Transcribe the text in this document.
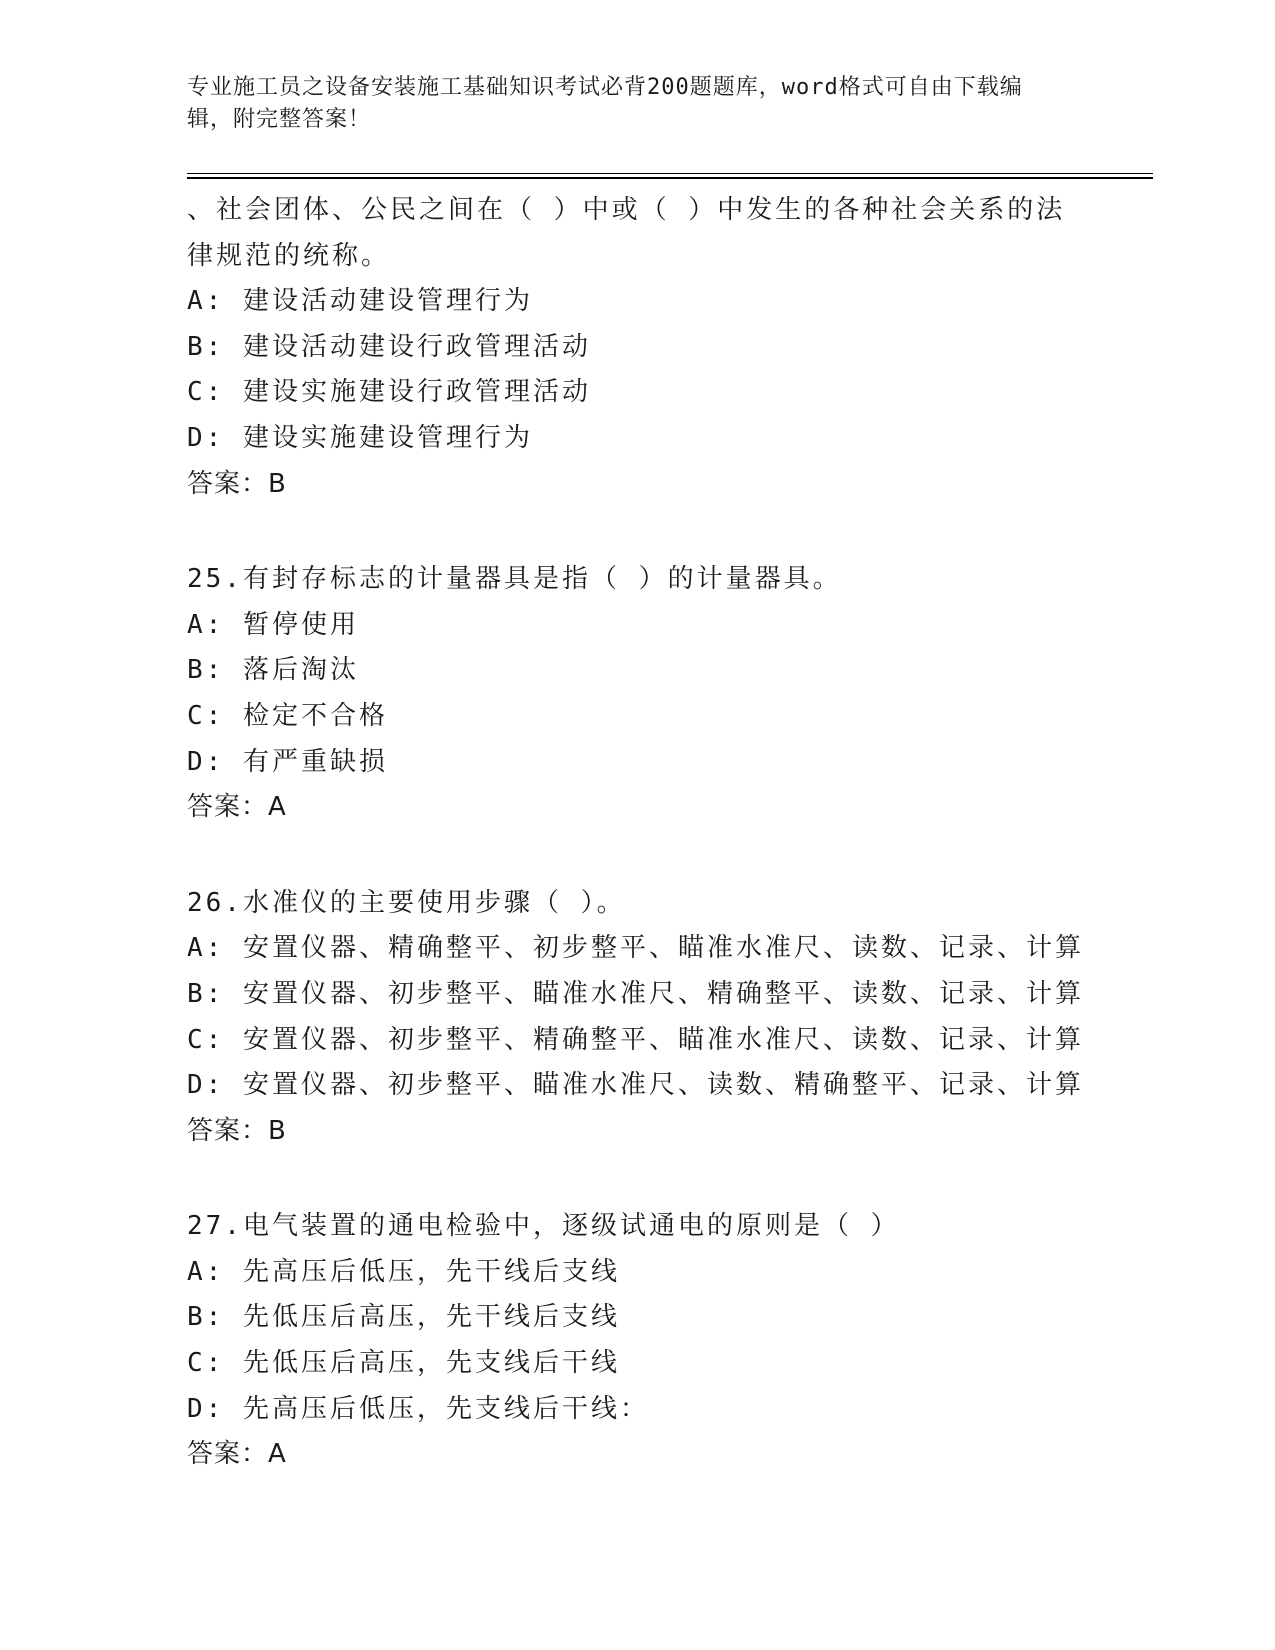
专业施工员之设备安装施工基础知识考试必背200题题库，word格式可自由下载编辑，附完整答案！
、社会团体、公民之间在（ ）中或（ ）中发生的各种社会关系的法
律规范的统称。
A: 建设活动建设管理行为
B: 建设活动建设行政管理活动
C: 建设实施建设行政管理活动
D: 建设实施建设管理行为
答案：B
25.有封存标志的计量器具是指（ ）的计量器具。
A: 暂停使用
B: 落后淘汰
C: 检定不合格
D: 有严重缺损
答案：A
26.水准仪的主要使用步骤（ ）。
A: 安置仪器、精确整平、初步整平、瞄准水准尺、读数、记录、计算
B: 安置仪器、初步整平、瞄准水准尺、精确整平、读数、记录、计算
C: 安置仪器、初步整平、精确整平、瞄准水准尺、读数、记录、计算
D: 安置仪器、初步整平、瞄准水准尺、读数、精确整平、记录、计算
答案：B
27.电气装置的通电检验中，逐级试通电的原则是（ ）
A: 先高压后低压，先干线后支线
B: 先低压后高压，先干线后支线
C: 先低压后高压，先支线后干线
D: 先高压后低压，先支线后干线：
答案：A
